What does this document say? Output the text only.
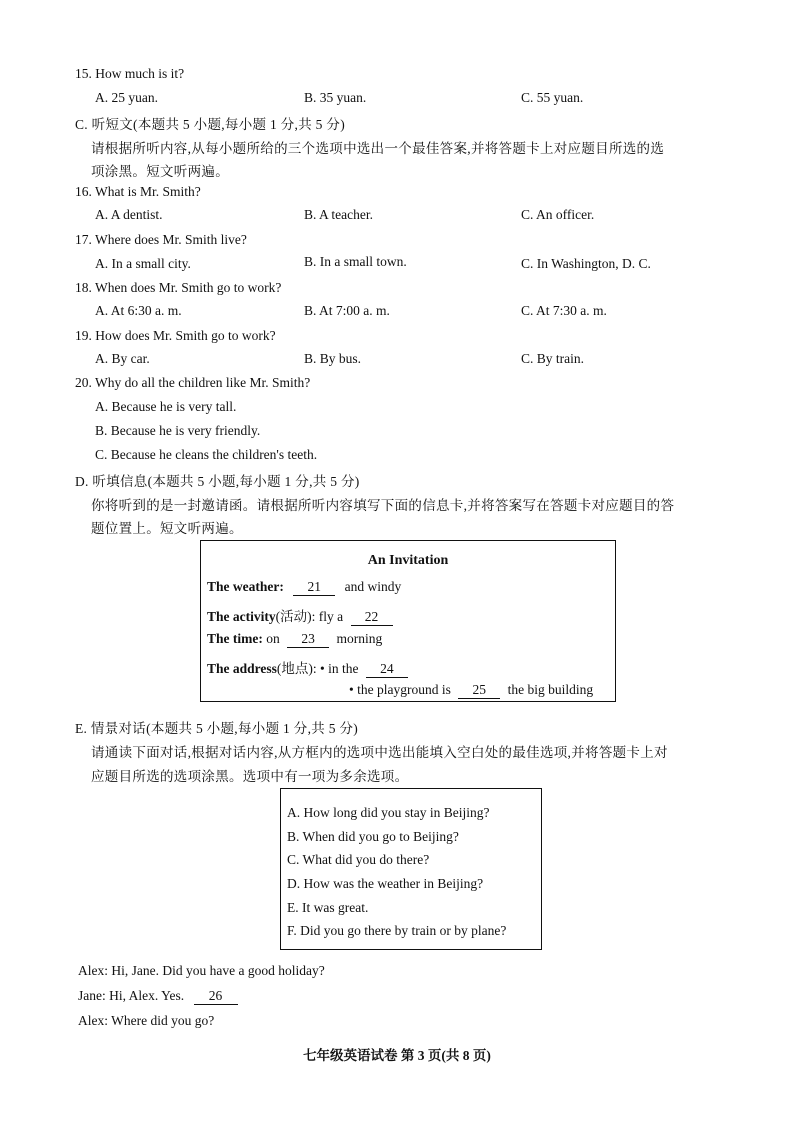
15. How much is it?
A. 25 yuan.	B. 35 yuan.	C. 55 yuan.
C. 听短文(本题共 5 小题,每小题 1 分,共 5 分)
请根据所听内容,从每小题所给的三个选项中选出一个最佳答案,并将答题卡上对应题目所选的选
项涂黑。短文听两遍。
16. What is Mr. Smith?
A. A dentist.	B. A teacher.	C. An officer.
17. Where does Mr. Smith live?
A. In a small city.	B. In a small town.	C. In Washington, D. C.
18. When does Mr. Smith go to work?
A. At 6:30 a. m.	B. At 7:00 a. m.	C. At 7:30 a. m.
19. How does Mr. Smith go to work?
A. By car.	B. By bus.	C. By train.
20. Why do all the children like Mr. Smith?
A. Because he is very tall.
B. Because he is very friendly.
C. Because he cleans the children's teeth.
D. 听填信息(本题共 5 小题,每小题 1 分,共 5 分)
你将听到的是一封邀请函。请根据所听内容填写下面的信息卡,并将答案写在答题卡对应题目的答
题位置上。短文听两遍。
An Invitation
The weather: 21 and windy
The activity(活动): fly a 22
The time: on 23 morning
The address(地点): • in the 24
• the playground is 25 the big building
E. 情景对话(本题共 5 小题,每小题 1 分,共 5 分)
请通读下面对话,根据对话内容,从方框内的选项中选出能填入空白处的最佳选项,并将答题卡上对
应题目所选的选项涂黑。选项中有一项为多余选项。
A. How long did you stay in Beijing?
B. When did you go to Beijing?
C. What did you do there?
D. How was the weather in Beijing?
E. It was great.
F. Did you go there by train or by plane?
Alex: Hi, Jane. Did you have a good holiday?
Jane: Hi, Alex. Yes. 26
Alex: Where did you go?
七年级英语试卷 第 3 页(共 8 页)
